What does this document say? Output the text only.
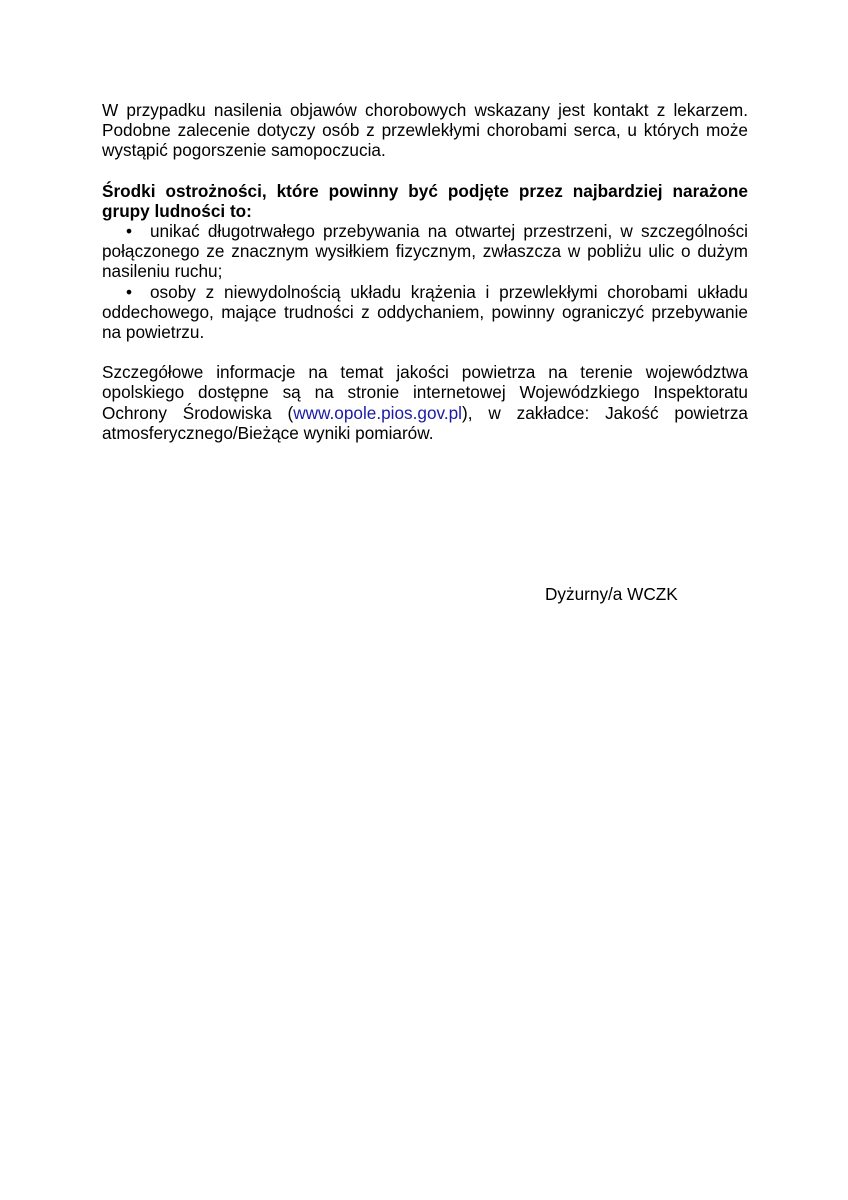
W przypadku nasilenia objawów chorobowych wskazany jest kontakt z lekarzem. Podobne zalecenie dotyczy osób z przewlekłymi chorobami serca, u których może wystąpić pogorszenie samopoczucia.

Środki ostrożności, które powinny być podjęte przez najbardziej narażone grupy ludności to:

• unikać długotrwałego przebywania na otwartej przestrzeni, w szczególności połączonego ze znacznym wysiłkiem fizycznym, zwłaszcza w pobliżu ulic o dużym nasileniu ruchu;

• osoby z niewydolnością układu krążenia i przewlekłymi chorobami układu oddechowego, mające trudności z oddychaniem, powinny ograniczyć przebywanie na powietrzu.

Szczegółowe informacje na temat jakości powietrza na terenie województwa opolskiego dostępne są na stronie internetowej Wojewódzkiego Inspektoratu Ochrony Środowiska (www.opole.pios.gov.pl), w zakładce: Jakość powietrza atmosferycznego/Bieżące wyniki pomiarów.

Dyżurny/a WCZK
